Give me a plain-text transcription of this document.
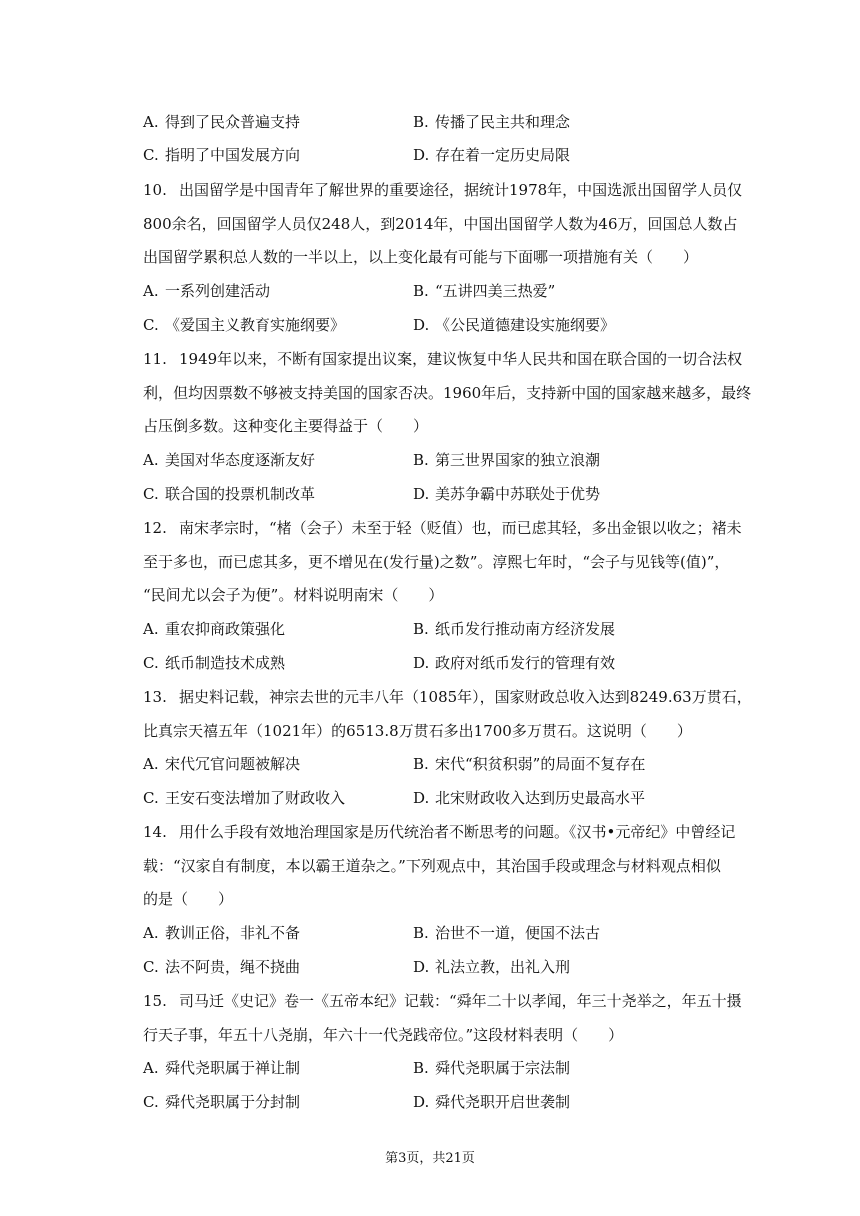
A. 得到了民众普遍支持	B. 传播了民主共和理念
C. 指明了中国发展方向	D. 存在着一定历史局限
10. 出国留学是中国青年了解世界的重要途径，据统计1978年，中国选派出国留学人员仅
800余名，回国留学人员仅248人，到2014年，中国出国留学人数为46万，回国总人数占
出国留学累积总人数的一半以上，以上变化最有可能与下面哪一项措施有关（　　）
A. 一系列创建活动	B. “五讲四美三热爱”
C. 《爱国主义教育实施纲要》	D. 《公民道德建设实施纲要》
11. 1949年以来，不断有国家提出议案，建议恢复中华人民共和国在联合国的一切合法权
利，但均因票数不够被支持美国的国家否决。1960年后，支持新中国的国家越来越多，最终
占压倒多数。这种变化主要得益于（　　）
A. 美国对华态度逐渐友好	B. 第三世界国家的独立浪潮
C. 联合国的投票机制改革	D. 美苏争霸中苏联处于优势
12. 南宋孝宗时，“楮（会子）未至于轻（贬值）也，而已虑其轻，多出金银以收之；褚未
至于多也，而已虑其多，更不增见在(发行量)之数”。淳熙七年时，“会子与见钱等(值)”，
“民间尤以会子为便”。材料说明南宋（　　）
A. 重农抑商政策强化	B. 纸币发行推动南方经济发展
C. 纸币制造技术成熟	D. 政府对纸币发行的管理有效
13. 据史料记载，神宗去世的元丰八年（1085年），国家财政总收入达到8249.63万贯石，
比真宗天禧五年（1021年）的6513.8万贯石多出1700多万贯石。这说明（　　）
A. 宋代冗官问题被解决	B. 宋代“积贫积弱”的局面不复存在
C. 王安石变法增加了财政收入	D. 北宋财政收入达到历史最高水平
14. 用什么手段有效地治理国家是历代统治者不断思考的问题。《汉书•元帝纪》中曾经记
载：“汉家自有制度，本以霸王道杂之。”下列观点中，其治国手段或理念与材料观点相似
的是（　　）
A. 教训正俗，非礼不备	B. 治世不一道，便国不法古
C. 法不阿贵，绳不挠曲	D. 礼法立教，出礼入刑
15. 司马迁《史记》卷一《五帝本纪》记载：“舜年二十以孝闻，年三十尧举之，年五十摄
行天子事，年五十八尧崩，年六十一代尧践帝位。”这段材料表明（　　）
A. 舜代尧职属于禅让制	B. 舜代尧职属于宗法制
C. 舜代尧职属于分封制	D. 舜代尧职开启世袭制
第3页，共21页
